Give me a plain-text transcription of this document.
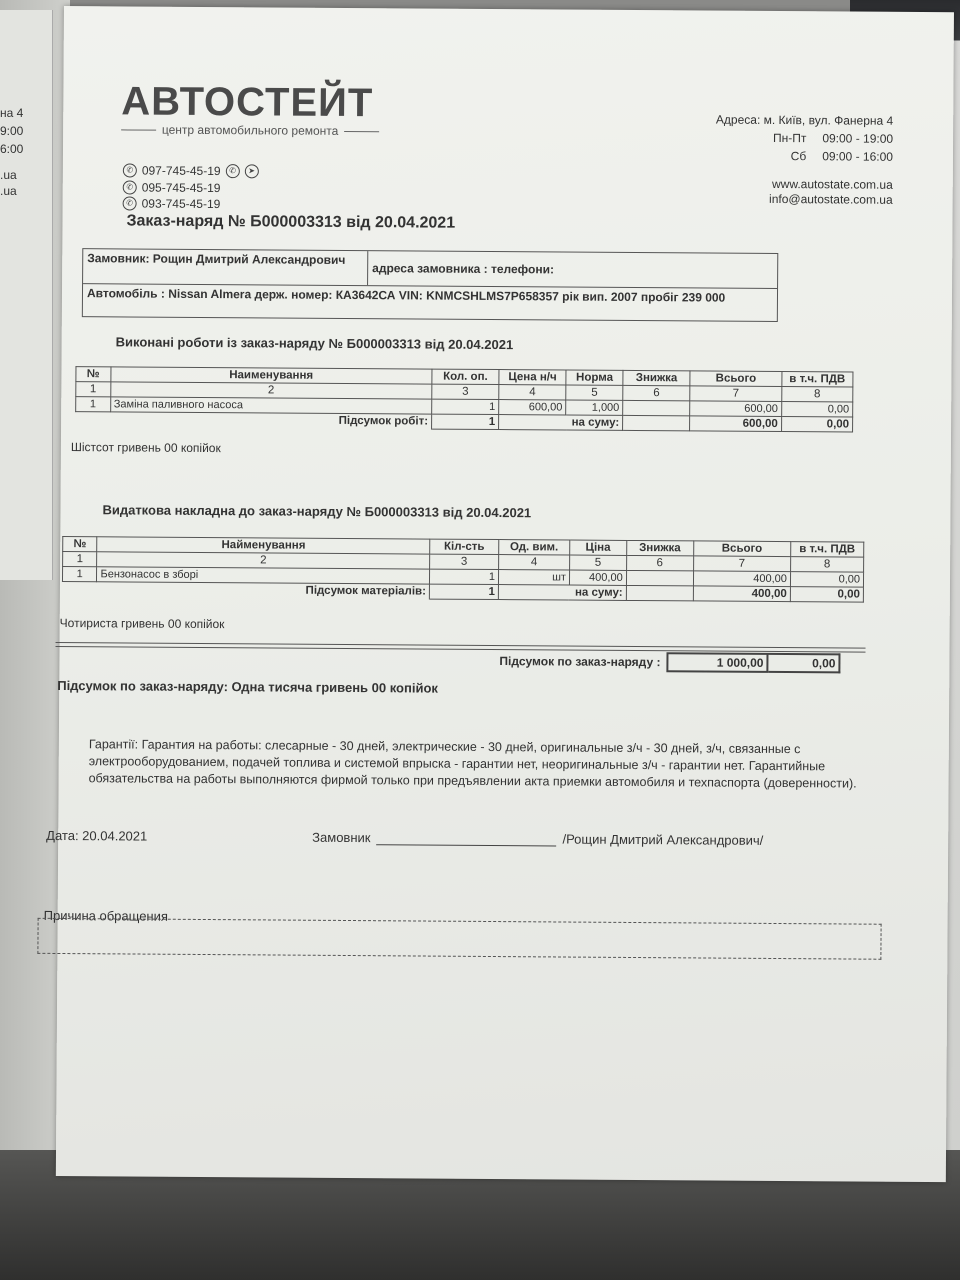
на 4
9:00
6:00
.ua
.ua
АВТОСТЕЙТ
центр автомобильного ремонта
✆ 097-745-45-19	✆	➤
✆ 095-745-45-19
✆ 093-745-45-19
Адреса: м. Київ, вул. Фанерна 4
Пн-Пт 09:00 - 19:00
Сб 09:00 - 16:00
www.autostate.com.ua
info@autostate.com.ua
Заказ-наряд № Б000003313 від 20.04.2021
Замовник: Рощин Дмитрий Александрович
адреса замовника : телефони:
Автомобіль : Nissan Almera держ. номер: КА3642СА VIN: KNMCSHLMS7P658357 рік вип. 2007 пробіг 239 000
Виконані роботи із заказ-наряду № Б000003313 від 20.04.2021
№	Наименування	Кол. оп.	Цена н/ч	Норма	Знижка	Всього	в т.ч. ПДВ
1	2	3	4	5	6	7	8
1	Заміна паливного насоса	1	600,00	1,000		600,00	0,00
Підсумок робіт:		1	на суму:			600,00	0,00
Шістсот гривень 00 копійок
Видаткова накладна до заказ-наряду № Б000003313 від 20.04.2021
№	Найменування	Кіл-сть	Од. вим.	Ціна	Знижка	Всього	в т.ч. ПДВ
1	2	3	4	5	6	7	8
1	Бензонасос в зборі	1	шт	400,00		400,00	0,00
Підсумок матеріалів:		1	на суму:			400,00	0,00
Чотириста гривень 00 копійок
Підсумок по заказ-наряду :	1 000,00	0,00
Підсумок по заказ-наряду: Одна тисяча гривень 00 копійок
Гарантії: Гарантия на работы: слесарные - 30 дней, электрические - 30 дней, оригинальные з/ч - 30 дней, з/ч, связанные с электрооборудованием, подачей топлива и системой впрыска - гарантии нет, неоригинальные з/ч - гарантии нет. Гарантийные обязательства на работы выполняются фирмой только при предъявлении акта приемки автомобиля и техпаспорта (доверенности).
Дата: 20.04.2021	Замовник	/Рощин Дмитрий Александрович/
Причина обращения
